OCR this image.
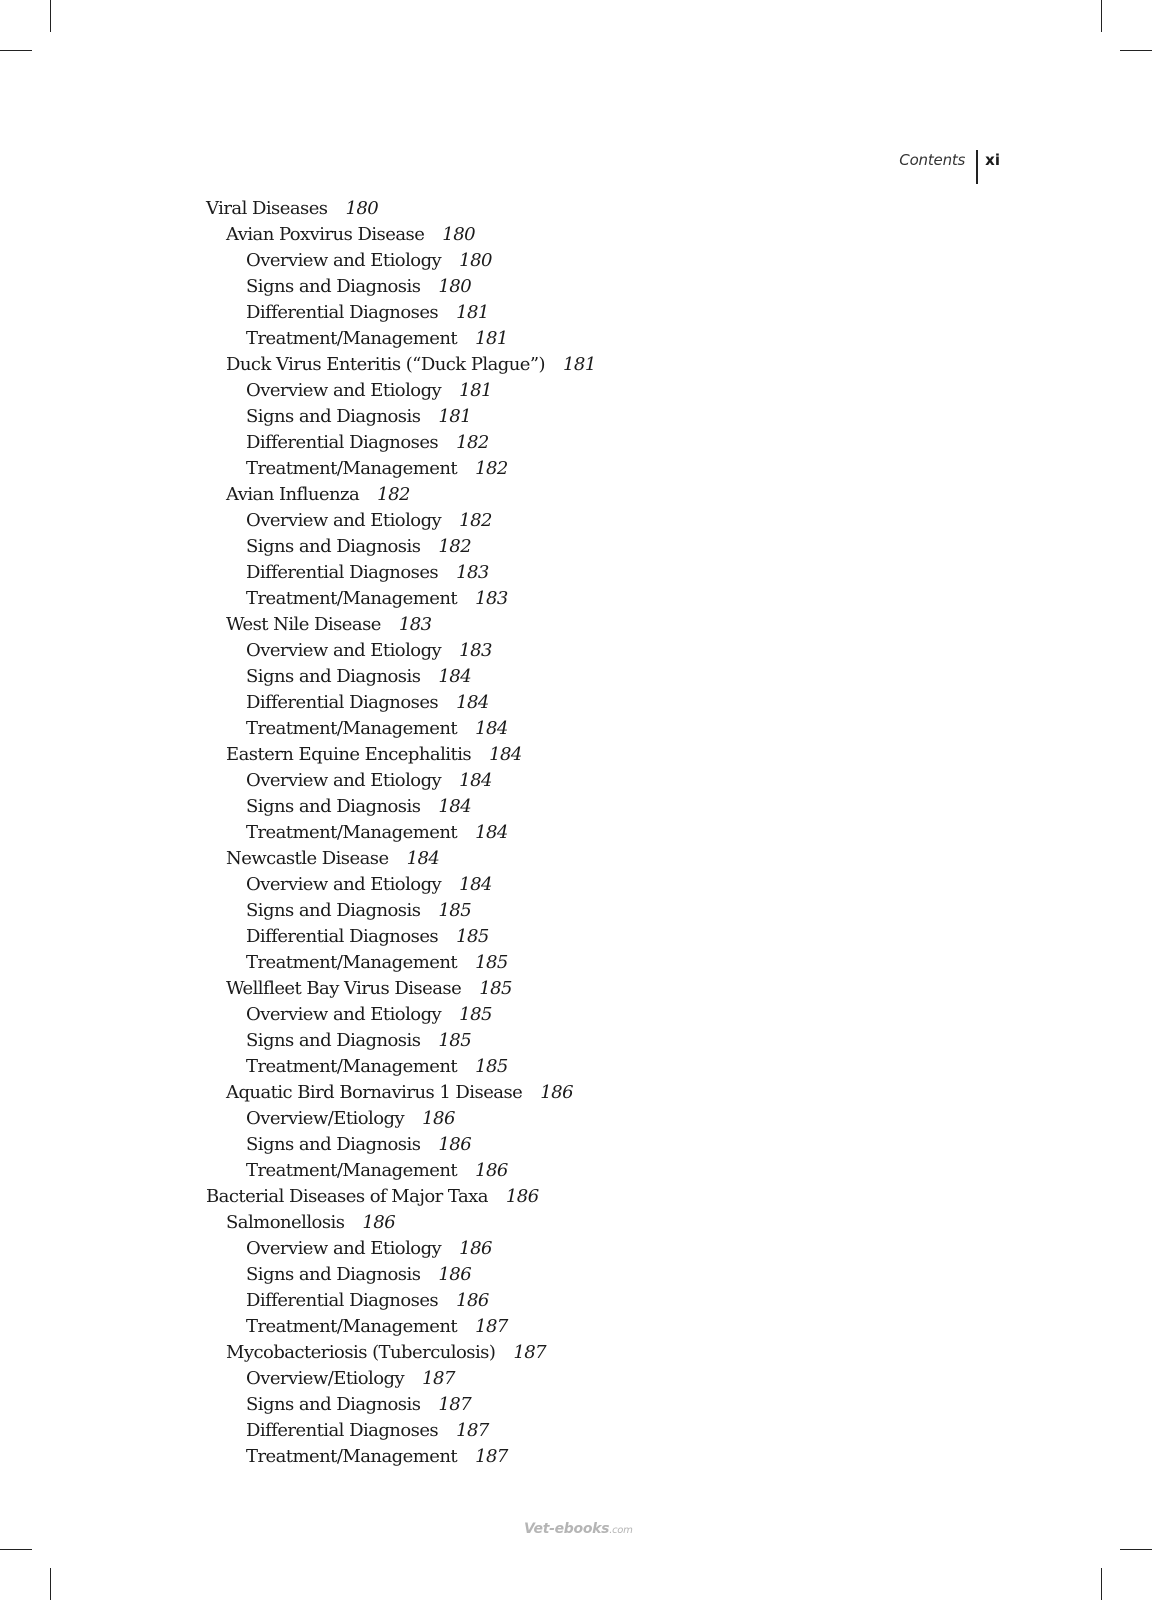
Contents	xi
Viral Diseases 180
Avian Poxvirus Disease 180
Overview and Etiology 180
Signs and Diagnosis 180
Differential Diagnoses 181
Treatment/Management 181
Duck Virus Enteritis (“Duck Plague”) 181
Overview and Etiology 181
Signs and Diagnosis 181
Differential Diagnoses 182
Treatment/Management 182
Avian Influenza 182
Overview and Etiology 182
Signs and Diagnosis 182
Differential Diagnoses 183
Treatment/Management 183
West Nile Disease 183
Overview and Etiology 183
Signs and Diagnosis 184
Differential Diagnoses 184
Treatment/Management 184
Eastern Equine Encephalitis 184
Overview and Etiology 184
Signs and Diagnosis 184
Treatment/Management 184
Newcastle Disease 184
Overview and Etiology 184
Signs and Diagnosis 185
Differential Diagnoses 185
Treatment/Management 185
Wellfleet Bay Virus Disease 185
Overview and Etiology 185
Signs and Diagnosis 185
Treatment/Management 185
Aquatic Bird Bornavirus 1 Disease 186
Overview/Etiology 186
Signs and Diagnosis 186
Treatment/Management 186
Bacterial Diseases of Major Taxa 186
Salmonellosis 186
Overview and Etiology 186
Signs and Diagnosis 186
Differential Diagnoses 186
Treatment/Management 187
Mycobacteriosis (Tuberculosis) 187
Overview/Etiology 187
Signs and Diagnosis 187
Differential Diagnoses 187
Treatment/Management 187
Vet-ebooks.com
